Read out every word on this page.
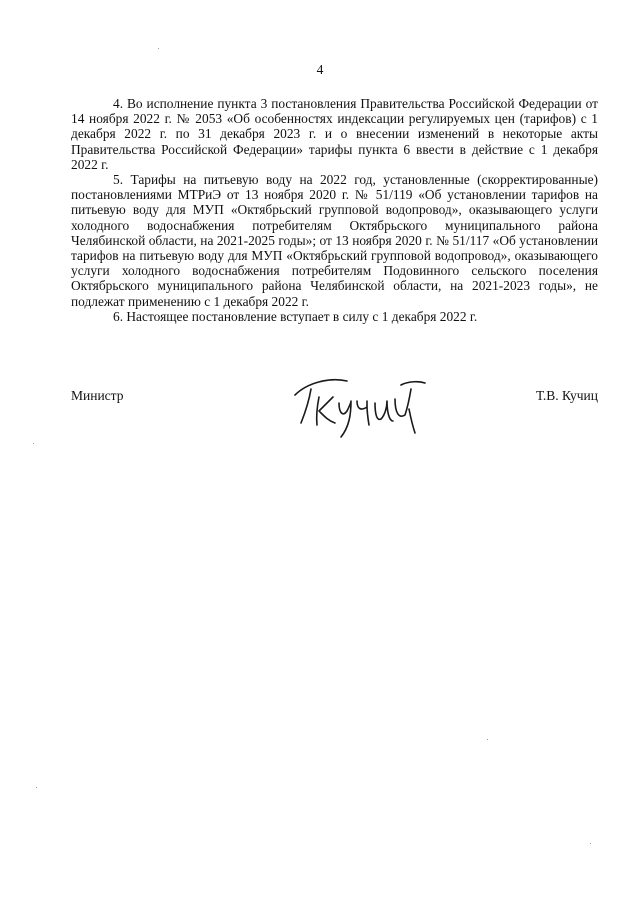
4

4. Во исполнение пункта 3 постановления Правительства Российской Федерации от 14 ноября 2022 г. № 2053 «Об особенностях индексации регулируемых цен (тарифов) с 1 декабря 2022 г. по 31 декабря 2023 г. и о внесении изменений в некоторые акты Правительства Российской Федерации» тарифы пункта 6 ввести в действие с 1 декабря 2022 г.

5. Тарифы на питьевую воду на 2022 год, установленные (скорректированные) постановлениями МТРиЭ от 13 ноября 2020 г. № 51/119 «Об установлении тарифов на питьевую воду для МУП «Октябрьский групповой водопровод», оказывающего услуги холодного водоснабжения потребителям Октябрьского муниципального района Челябинской области, на 2021-2025 годы»; от 13 ноября 2020 г. № 51/117 «Об установлении тарифов на питьевую воду для МУП «Октябрьский групповой водопровод», оказывающего услуги холодного водоснабжения потребителям Подовинного сельского поселения Октябрьского муниципального района Челябинской области, на 2021-2023 годы», не подлежат применению с 1 декабря 2022 г.

6. Настоящее постановление вступает в силу с 1 декабря 2022 г.

Министр	Т.В. Кучиц
